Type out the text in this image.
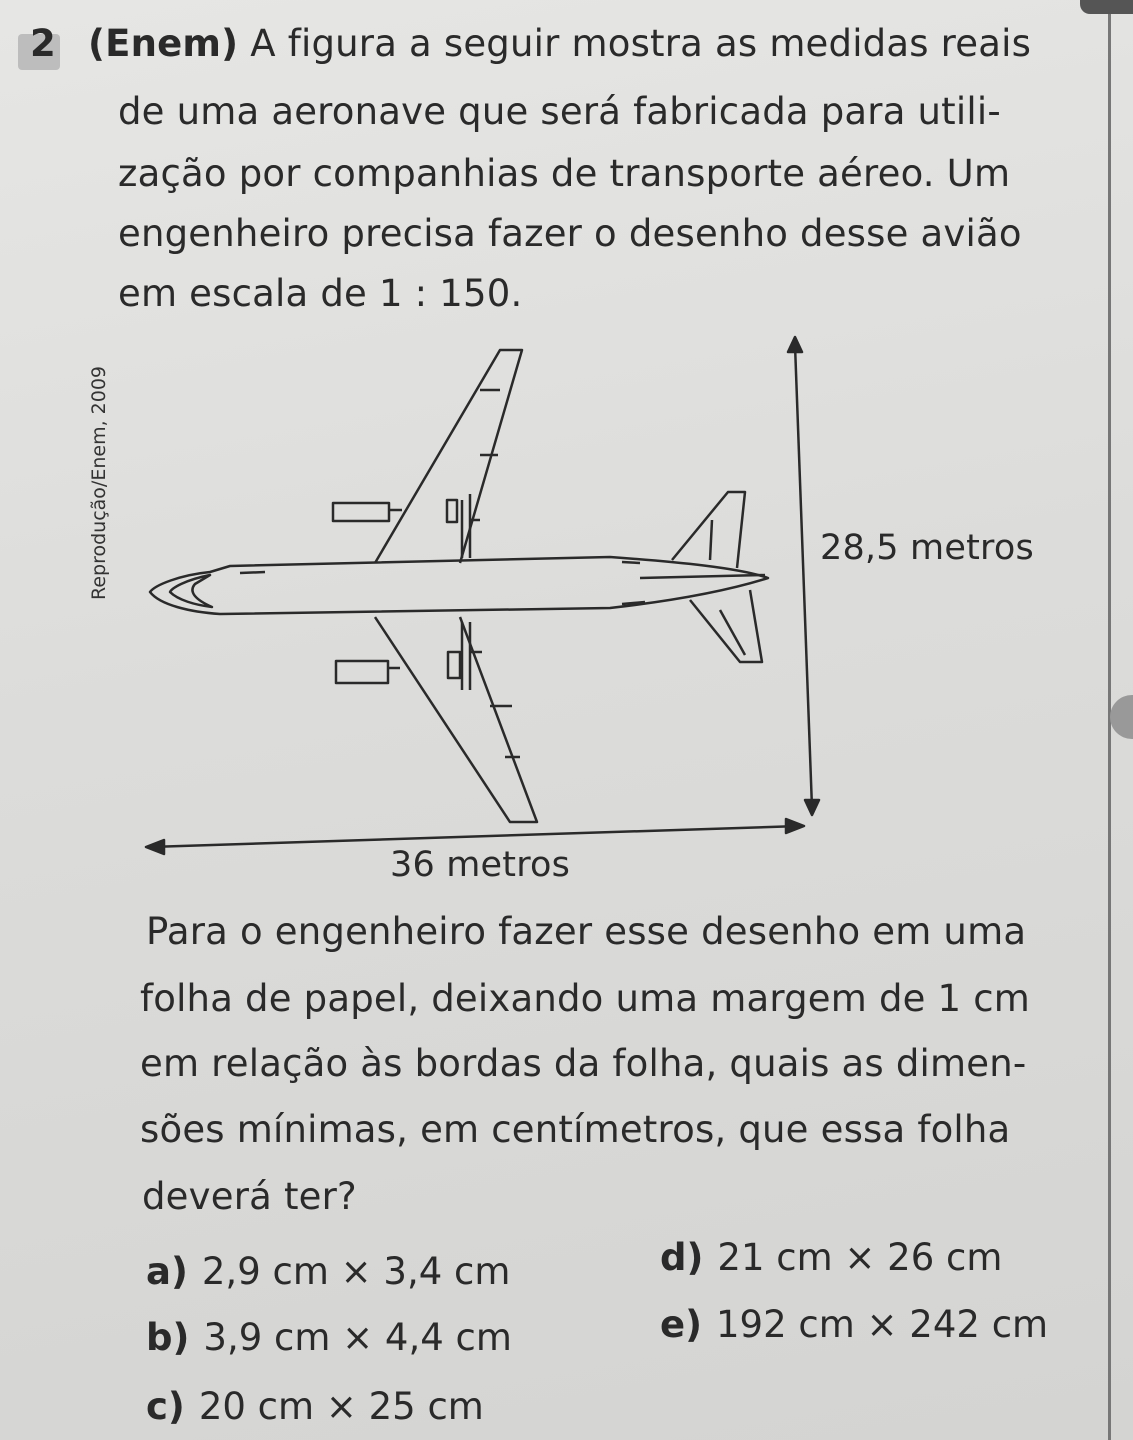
2 (Enem) A figura a seguir mostra as medidas reais
de uma aeronave que será fabricada para utili-
zação por companhias de transporte aéreo. Um
engenheiro precisa fazer o desenho desse avião
em escala de 1 : 150.
Reprodução/Enem, 2009	28,5 metros
36 metros
Para o engenheiro fazer esse desenho em uma
folha de papel, deixando uma margem de 1 cm
em relação às bordas da folha, quais as dimen-
sões mínimas, em centímetros, que essa folha
deverá ter?
a) 2,9 cm × 3,4 cm
b) 3,9 cm × 4,4 cm
c) 20 cm × 25 cm
d) 21 cm × 26 cm
e) 192 cm × 242 cm
